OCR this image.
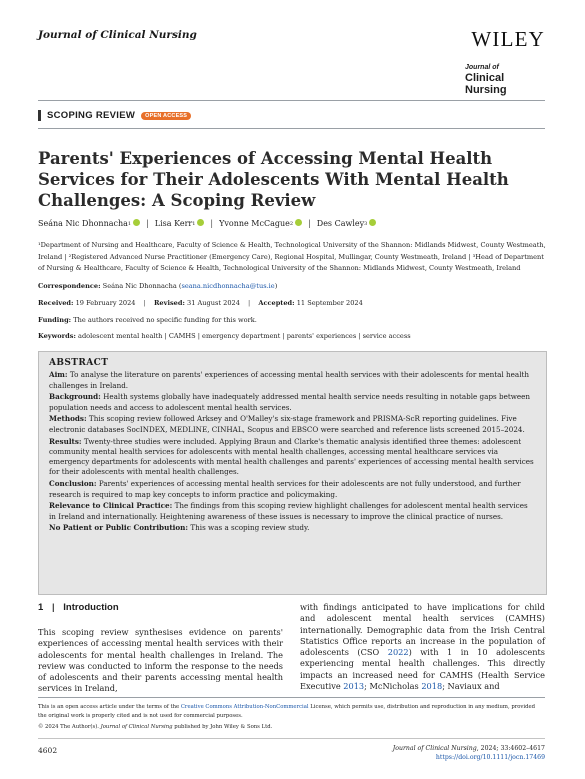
Journal of Clinical Nursing	WILEY
Journal of
Clinical Nursing
SCOPING REVIEW	OPEN ACCESS
Parents' Experiences of Accessing Mental Health Services for Their Adolescents With Mental Health Challenges: A Scoping Review
Seána Nic Dhonnacha 1 | Lisa Kerr 1 | Yvonne McCague 2 | Des Cawley 3
¹Department of Nursing and Healthcare, Faculty of Science & Health, Technological University of the Shannon: Midlands Midwest, County Westmeath, Ireland | ²Registered Advanced Nurse Practitioner (Emergency Care), Regional Hospital, Mullingar, County Westmeath, Ireland | ³Head of Department of Nursing & Healthcare, Faculty of Science & Health, Technological University of the Shannon: Midlands Midwest, County Westmeath, Ireland
Correspondence: Seána Nic Dhonnacha (seana.nicdhonnacha@tus.ie)
Received: 19 February 2024 | Revised: 31 August 2024 | Accepted: 11 September 2024
Funding: The authors received no specific funding for this work.
Keywords: adolescent mental health | CAMHS | emergency department | parents' experiences | service access
ABSTRACT

Aim: To analyse the literature on parents' experiences of accessing mental health services with their adolescents for mental health challenges in Ireland.

Background: Health systems globally have inadequately addressed mental health service needs resulting in notable gaps between population needs and access to adolescent mental health services.

Methods: This scoping review followed Arksey and O'Malley's six-stage framework and PRISMA-ScR reporting guidelines. Five electronic databases SocINDEX, MEDLINE, CINHAL, Scopus and EBSCO were searched and reference lists screened 2015–2024.

Results: Twenty-three studies were included. Applying Braun and Clarke's thematic analysis identified three themes: adolescent community mental health services for adolescents with mental health challenges, accessing mental healthcare services via emergency departments for adolescents with mental health challenges and parents' experiences of accessing mental health services for their adolescents with mental health challenges.

Conclusion: Parents' experiences of accessing mental health services for their adolescents are not fully understood, and further research is required to map key concepts to inform practice and policymaking.

Relevance to Clinical Practice: The findings from this scoping review highlight challenges for adolescent mental health services in Ireland and internationally. Heightening awareness of these issues is necessary to improve the clinical practice of nurses.

No Patient or Public Contribution: This was a scoping review study.

1 | Introduction
This scoping review synthesises evidence on parents' experiences of accessing mental health services with their adolescents for mental health challenges in Ireland. The review was conducted to inform the response to the needs of adolescents and their parents accessing mental health services in Ireland,
with findings anticipated to have implications for child and adolescent mental health services (CAMHS) internationally. Demographic data from the Irish Central Statistics Office reports an increase in the population of adolescents (CSO 2022) with 1 in 10 adolescents experiencing mental health challenges. This directly impacts an increased need for CAMHS (Health Service Executive 2013; McNicholas 2018; Naviaux and
This is an open access article under the terms of the Creative Commons Attribution-NonCommercial License, which permits use, distribution and reproduction in any medium, provided the original work is properly cited and is not used for commercial purposes.
© 2024 The Author(s). Journal of Clinical Nursing published by John Wiley & Sons Ltd.
4602	Journal of Clinical Nursing, 2024; 33:4602–4617
https://doi.org/10.1111/jocn.17469
